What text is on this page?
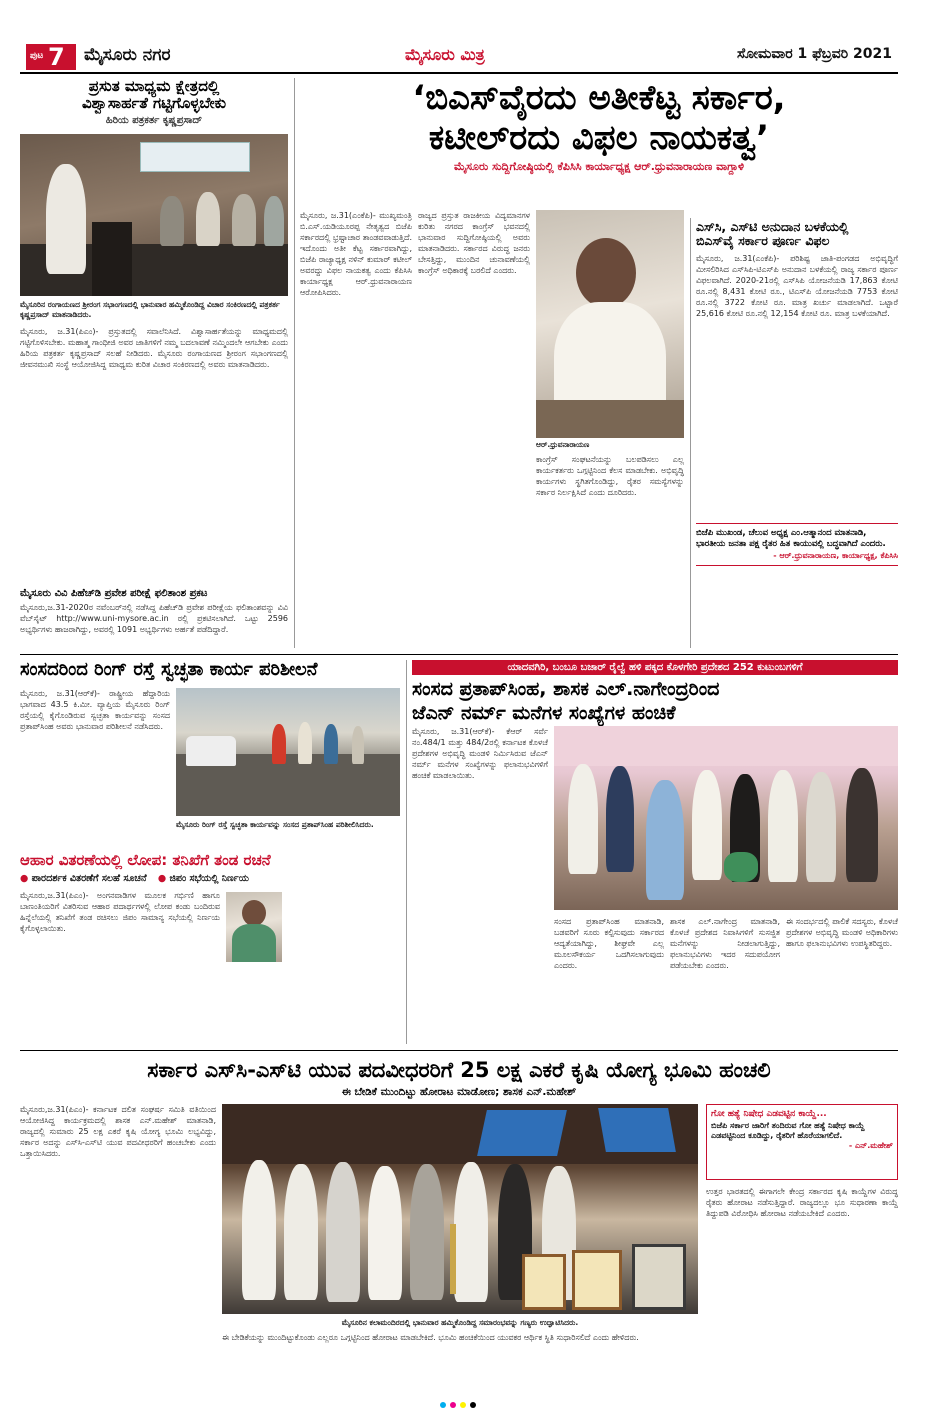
ಪುಟ 7 ಮೈಸೂರು ನಗರ	ಮೈಸೂರು ಮಿತ್ರ	ಸೋಮವಾರ 1 ಫೆಬ್ರವರಿ 2021
ಪ್ರಸುತ ಮಾಧ್ಯಮ ಕ್ಷೇತ್ರದಲ್ಲಿ
ವಿಶ್ವಾಸಾರ್ಹತೆ ಗಟ್ಟಿಗೊಳ್ಳಬೇಕು
ಹಿರಿಯ ಪತ್ರಕರ್ತ ಕೃಷ್ಣಪ್ರಸಾದ್
ಮೈಸೂರಿನ ರಂಗಾಯಣದ ಶ್ರೀರಂಗ ಸಭಾಂಗಣದಲ್ಲಿ ಭಾನುವಾರ ಹಮ್ಮಿಕೊಂಡಿದ್ದ ವಿಚಾರ ಸಂಕಿರಣದಲ್ಲಿ ಪತ್ರಕರ್ತ ಕೃಷ್ಣಪ್ರಸಾದ್ ಮಾತನಾಡಿದರು.
ಮೈಸೂರು, ಜ.31(ಪಿಎಂ)- ಪ್ರಸ್ತುತದಲ್ಲಿ ಸವಾಲೆನಿಸಿದೆ. ವಿಶ್ವಾಸಾರ್ಹತೆಯನ್ನು ಮಾಧ್ಯಮದಲ್ಲಿ ಗಟ್ಟಿಗೊಳಿಸಬೇಕು. ಮಹಾತ್ಮ ಗಾಂಧೀಜಿ ಅವರ ಜಾತಿಗಳಿಗೆ ನಮ್ಮ ಬದಲಾವಣೆ ನಮ್ಮಿಂದಲೇ ಆಗಬೇಕು ಎಂದು ಹಿರಿಯ ಪತ್ರಕರ್ತ ಕೃಷ್ಣಪ್ರಸಾದ್ ಸಲಹೆ ನೀಡಿದರು. ಮೈಸೂರು ರಂಗಾಯಣದ ಶ್ರೀರಂಗ ಸಭಾಂಗಣದಲ್ಲಿ ಜೀವನಮುಖಿ ಸಂಸ್ಥೆ ಆಯೋಜಿಸಿದ್ದ ಮಾಧ್ಯಮ ಕುರಿತ ವಿಚಾರ ಸಂಕಿರಣದಲ್ಲಿ ಅವರು ಮಾತನಾಡಿದರು.
ಮೈಸೂರು ವಿವಿ ಪಿಹೆಚ್‌ಡಿ ಪ್ರವೇಶ ಪರೀಕ್ಷೆ ಫಲಿತಾಂಶ ಪ್ರಕಟ
ಮೈಸೂರು,ಜ.31-2020ರ ನವೆಂಬರ್‌ನಲ್ಲಿ ನಡೆಸಿದ್ದ ಪಿಹೆಚ್‌ಡಿ ಪ್ರವೇಶ ಪರೀಕ್ಷೆಯ ಫಲಿತಾಂಶವನ್ನು ವಿವಿ ವೆಬ್‌ಸೈಟ್ http://www.uni-mysore.ac.in ರಲ್ಲಿ ಪ್ರಕಟಿಸಲಾಗಿದೆ. ಒಟ್ಟು 2596 ಅಭ್ಯರ್ಥಿಗಳು ಹಾಜರಾಗಿದ್ದು, ಅವರಲ್ಲಿ 1091 ಅಭ್ಯರ್ಥಿಗಳು ಅರ್ಹತೆ ಪಡೆದಿದ್ದಾರೆ.
‘ಬಿಎಸ್‌ವೈರದು ಅತೀಕೆಟ್ಟ ಸರ್ಕಾರ,
ಕಟೀಲ್‌ರದು ವಿಫಲ ನಾಯಕತ್ವ’
ಮೈಸೂರು ಸುದ್ದಿಗೋಷ್ಠಿಯಲ್ಲಿ ಕೆಪಿಸಿಸಿ ಕಾರ್ಯಾಧ್ಯಕ್ಷ ಆರ್.ಧ್ರುವನಾರಾಯಣ ವಾಗ್ದಾಳಿ
ಮೈಸೂರು, ಜ.31(ಎಂಕೆಪಿ)- ಮುಖ್ಯಮಂತ್ರಿ ಬಿ.ಎಸ್.ಯಡಿಯೂರಪ್ಪ ನೇತೃತ್ವದ ಬಿಜೆಪಿ ಸರ್ಕಾರದಲ್ಲಿ ಭ್ರಷ್ಟಾಚಾರ ತಾಂಡವವಾಡುತ್ತಿದೆ. ಇದೊಂದು ಅತೀ ಕೆಟ್ಟ ಸರ್ಕಾರವಾಗಿದ್ದು, ಬಿಜೆಪಿ ರಾಜ್ಯಾಧ್ಯಕ್ಷ ನಳಿನ್ ಕುಮಾರ್ ಕಟೀಲ್ ಅವರದ್ದು ವಿಫಲ ನಾಯಕತ್ವ ಎಂದು ಕೆಪಿಸಿಸಿ ಕಾರ್ಯಾಧ್ಯಕ್ಷ ಆರ್.ಧ್ರುವನಾರಾಯಣ ಆರೋಪಿಸಿದರು.
ರಾಜ್ಯದ ಪ್ರಸ್ತುತ ರಾಜಕೀಯ ವಿದ್ಯಮಾನಗಳ ಕುರಿತು ನಗರದ ಕಾಂಗ್ರೆಸ್ ಭವನದಲ್ಲಿ ಭಾನುವಾರ ಸುದ್ದಿಗೋಷ್ಠಿಯಲ್ಲಿ ಅವರು ಮಾತನಾಡಿದರು. ಸರ್ಕಾರದ ವಿರುದ್ಧ ಜನರು ಬೇಸತ್ತಿದ್ದು, ಮುಂದಿನ ಚುನಾವಣೆಯಲ್ಲಿ ಕಾಂಗ್ರೆಸ್ ಅಧಿಕಾರಕ್ಕೆ ಬರಲಿದೆ ಎಂದರು.
ಆರ್.ಧ್ರುವನಾರಾಯಣ
ಕಾಂಗ್ರೆಸ್ ಸಂಘಟನೆಯನ್ನು ಬಲಪಡಿಸಲು ಎಲ್ಲ ಕಾರ್ಯಕರ್ತರು ಒಗ್ಗಟ್ಟಿನಿಂದ ಕೆಲಸ ಮಾಡಬೇಕು. ಅಭಿವೃದ್ಧಿ ಕಾರ್ಯಗಳು ಸ್ಥಗಿತಗೊಂಡಿದ್ದು, ರೈತರ ಸಮಸ್ಯೆಗಳನ್ನು ಸರ್ಕಾರ ನಿರ್ಲಕ್ಷಿಸಿದೆ ಎಂದು ದೂರಿದರು.
ಎಸ್‌ಸಿ, ಎಸ್‌ಟಿ ಅನುದಾನ ಬಳಕೆಯಲ್ಲಿ
ಬಿಎಸ್‌ವೈ ಸರ್ಕಾರ ಪೂರ್ಣ ವಿಫಲ
ಮೈಸೂರು, ಜ.31(ಎಂಕೆಪಿ)- ಪರಿಶಿಷ್ಟ ಜಾತಿ-ಪಂಗಡದ ಅಭಿವೃದ್ಧಿಗೆ ಮೀಸಲಿರಿಸಿದ ಎಸ್‌ಸಿಪಿ-ಟಿಎಸ್‌ಪಿ ಅನುದಾನ ಬಳಕೆಯಲ್ಲಿ ರಾಜ್ಯ ಸರ್ಕಾರ ಪೂರ್ಣ ವಿಫಲವಾಗಿದೆ. 2020-21ರಲ್ಲಿ ಎಸ್‌ಸಿಪಿ ಯೋಜನೆಯಡಿ 17,863 ಕೋಟಿ ರೂ.ನಲ್ಲಿ 8,431 ಕೋಟಿ ರೂ., ಟಿಎಸ್‌ಪಿ ಯೋಜನೆಯಡಿ 7753 ಕೋಟಿ ರೂ.ನಲ್ಲಿ 3722 ಕೋಟಿ ರೂ. ಮಾತ್ರ ಖರ್ಚು ಮಾಡಲಾಗಿದೆ. ಒಟ್ಟಾರೆ 25,616 ಕೋಟಿ ರೂ.ನಲ್ಲಿ 12,154 ಕೋಟಿ ರೂ. ಮಾತ್ರ ಬಳಕೆಯಾಗಿದೆ.
ಬಿಜೆಪಿ ಮುಖಂಡ, ಚೆಲುವ ಅಧ್ಯಕ್ಷ ಎಂ.ಆತ್ಮಾನಂದ ಮಾತನಾಡಿ, ಭಾರತೀಯ ಜನತಾ ಪಕ್ಷ ರೈತರ ಹಿತ ಕಾಯುವಲ್ಲಿ ಬದ್ಧವಾಗಿದೆ ಎಂದರು.
- ಆರ್.ಧ್ರುವನಾರಾಯಣ, ಕಾರ್ಯಾಧ್ಯಕ್ಷ, ಕೆಪಿಸಿಸಿ
ಸಂಸದರಿಂದ ರಿಂಗ್ ರಸ್ತೆ ಸ್ವಚ್ಛತಾ ಕಾರ್ಯ ಪರಿಶೀಲನೆ
ಮೈಸೂರು, ಜ.31(ಆರ್‌ಕೆ)- ರಾಷ್ಟ್ರೀಯ ಹೆದ್ದಾರಿಯ ಭಾಗವಾದ 43.5 ಕಿ.ಮೀ. ವ್ಯಾಪ್ತಿಯ ಮೈಸೂರು ರಿಂಗ್ ರಸ್ತೆಯಲ್ಲಿ ಕೈಗೊಂಡಿರುವ ಸ್ವಚ್ಛತಾ ಕಾರ್ಯವನ್ನು ಸಂಸದ ಪ್ರತಾಪ್‌ಸಿಂಹ ಅವರು ಭಾನುವಾರ ಪರಿಶೀಲನೆ ನಡೆಸಿದರು.
ಮೈಸೂರು ರಿಂಗ್ ರಸ್ತೆ ಸ್ವಚ್ಛತಾ ಕಾರ್ಯವನ್ನು ಸಂಸದ ಪ್ರತಾಪ್‌ಸಿಂಹ ಪರಿಶೀಲಿಸಿದರು.
ಆಹಾರ ವಿತರಣೆಯಲ್ಲಿ ಲೋಪ: ತನಿಖೆಗೆ ತಂಡ ರಚನೆ
● ಪಾರದರ್ಶಕ ವಿತರಣೆಗೆ ಸಲಹೆ ಸೂಚನೆ ● ಜಿಪಂ ಸಭೆಯಲ್ಲಿ ನಿರ್ಣಯ
ಮೈಸೂರು,ಜ.31(ಪಿಎಂ)- ಅಂಗನವಾಡಿಗಳ ಮೂಲಕ ಗರ್ಭಿಣಿ ಹಾಗೂ ಬಾಣಂತಿಯರಿಗೆ ವಿತರಿಸುವ ಆಹಾರ ಪದಾರ್ಥಗಳಲ್ಲಿ ಲೋಪ ಕಂಡು ಬಂದಿರುವ ಹಿನ್ನೆಲೆಯಲ್ಲಿ ತನಿಖೆಗೆ ತಂಡ ರಚಿಸಲು ಜಿಪಂ ಸಾಮಾನ್ಯ ಸಭೆಯಲ್ಲಿ ನಿರ್ಣಯ ಕೈಗೊಳ್ಳಲಾಯಿತು.
ಯಾದವಗಿರಿ, ಬಂಬೂ ಬಜಾರ್ ರೈಲ್ವೆ ಹಳಿ ಪಕ್ಕದ ಕೊಳಗೇರಿ ಪ್ರದೇಶದ 252 ಕುಟುಂಬಗಳಿಗೆ
ಸಂಸದ ಪ್ರತಾಪ್‌ಸಿಂಹ, ಶಾಸಕ ಎಲ್.ನಾಗೇಂದ್ರರಿಂದ
ಜೆಎನ್ ನರ್ಮ್ ಮನೆಗಳ ಸಂಖ್ಯೆಗಳ ಹಂಚಿಕೆ
ಮೈಸೂರು, ಜ.31(ಆರ್‌ಕೆ)- ಕೆಆರ್ ಸರ್ವೆ ನಂ.484/1 ಮತ್ತು 484/2ರಲ್ಲಿ ಕರ್ನಾಟಕ ಕೊಳಚೆ ಪ್ರದೇಶಗಳ ಅಭಿವೃದ್ಧಿ ಮಂಡಳಿ ನಿರ್ಮಿಸಿರುವ ಜೆಎನ್ ನರ್ಮ್ ಮನೆಗಳ ಸಂಖ್ಯೆಗಳನ್ನು ಫಲಾನುಭವಿಗಳಿಗೆ ಹಂಚಿಕೆ ಮಾಡಲಾಯಿತು.
ಸಂಸದ ಪ್ರತಾಪ್‌ಸಿಂಹ ಮಾತನಾಡಿ, ಬಡವರಿಗೆ ಸೂರು ಕಲ್ಪಿಸುವುದು ಸರ್ಕಾರದ ಆದ್ಯತೆಯಾಗಿದ್ದು, ಶೀಘ್ರವೇ ಎಲ್ಲ ಮೂಲಸೌಕರ್ಯ ಒದಗಿಸಲಾಗುವುದು ಎಂದರು.
ಶಾಸಕ ಎಲ್.ನಾಗೇಂದ್ರ ಮಾತನಾಡಿ, ಕೊಳಚೆ ಪ್ರದೇಶದ ನಿವಾಸಿಗಳಿಗೆ ಸುಸಜ್ಜಿತ ಮನೆಗಳನ್ನು ನೀಡಲಾಗುತ್ತಿದ್ದು, ಫಲಾನುಭವಿಗಳು ಇದರ ಸದುಪಯೋಗ ಪಡೆಯಬೇಕು ಎಂದರು.
ಈ ಸಂದರ್ಭದಲ್ಲಿ ಪಾಲಿಕೆ ಸದಸ್ಯರು, ಕೊಳಚೆ ಪ್ರದೇಶಗಳ ಅಭಿವೃದ್ಧಿ ಮಂಡಳಿ ಅಧಿಕಾರಿಗಳು ಹಾಗೂ ಫಲಾನುಭವಿಗಳು ಉಪಸ್ಥಿತರಿದ್ದರು.
ಸರ್ಕಾರ ಎಸ್‌ಸಿ-ಎಸ್‌ಟಿ ಯುವ ಪದವೀಧರರಿಗೆ 25 ಲಕ್ಷ ಎಕರೆ ಕೃಷಿ ಯೋಗ್ಯ ಭೂಮಿ ಹಂಚಲಿ
ಈ ಬೇಡಿಕೆ ಮುಂದಿಟ್ಟು ಹೋರಾಟ ಮಾಡೋಣ; ಶಾಸಕ ಎನ್.ಮಹೇಶ್
ಮೈಸೂರು,ಜ.31(ಪಿಎಂ)- ಕರ್ನಾಟಕ ದಲಿತ ಸಂಘರ್ಷ ಸಮಿತಿ ವತಿಯಿಂದ ಆಯೋಜಿಸಿದ್ದ ಕಾರ್ಯಕ್ರಮದಲ್ಲಿ ಶಾಸಕ ಎನ್.ಮಹೇಶ್ ಮಾತನಾಡಿ, ರಾಜ್ಯದಲ್ಲಿ ಸುಮಾರು 25 ಲಕ್ಷ ಎಕರೆ ಕೃಷಿ ಯೋಗ್ಯ ಭೂಮಿ ಲಭ್ಯವಿದ್ದು, ಸರ್ಕಾರ ಅದನ್ನು ಎಸ್‌ಸಿ-ಎಸ್‌ಟಿ ಯುವ ಪದವೀಧರರಿಗೆ ಹಂಚಬೇಕು ಎಂದು ಒತ್ತಾಯಿಸಿದರು.
ಮೈಸೂರಿನ ಕಲಾಮಂದಿರದಲ್ಲಿ ಭಾನುವಾರ ಹಮ್ಮಿಕೊಂಡಿದ್ದ ಸಮಾರಂಭವನ್ನು ಗಣ್ಯರು ಉದ್ಘಾಟಿಸಿದರು.
ಈ ಬೇಡಿಕೆಯನ್ನು ಮುಂದಿಟ್ಟುಕೊಂಡು ಎಲ್ಲರೂ ಒಗ್ಗಟ್ಟಿನಿಂದ ಹೋರಾಟ ಮಾಡಬೇಕಿದೆ. ಭೂಮಿ ಹಂಚಿಕೆಯಿಂದ ಯುವಕರ ಆರ್ಥಿಕ ಸ್ಥಿತಿ ಸುಧಾರಿಸಲಿದೆ ಎಂದು ಹೇಳಿದರು.
ಗೋ ಹತ್ಯೆ ನಿಷೇಧ ಎಡವಟ್ಟಿನ ಕಾಯ್ದೆ...
ಬಿಜೆಪಿ ಸರ್ಕಾರ ಜಾರಿಗೆ ತಂದಿರುವ ಗೋ ಹತ್ಯೆ ನಿಷೇಧ ಕಾಯ್ದೆ ಎಡವಟ್ಟಿನಿಂದ ಕೂಡಿದ್ದು, ರೈತರಿಗೆ ಹೊರೆಯಾಗಲಿದೆ.
- ಎನ್.ಮಹೇಶ್
ಉತ್ತರ ಭಾರತದಲ್ಲಿ ಈಗಾಗಲೇ ಕೇಂದ್ರ ಸರ್ಕಾರದ ಕೃಷಿ ಕಾಯ್ದೆಗಳ ವಿರುದ್ಧ ರೈತರು ಹೋರಾಟ ನಡೆಸುತ್ತಿದ್ದಾರೆ. ರಾಜ್ಯದಲ್ಲೂ ಭೂ ಸುಧಾರಣಾ ಕಾಯ್ದೆ ತಿದ್ದುಪಡಿ ವಿರೋಧಿಸಿ ಹೋರಾಟ ನಡೆಯಬೇಕಿದೆ ಎಂದರು.
